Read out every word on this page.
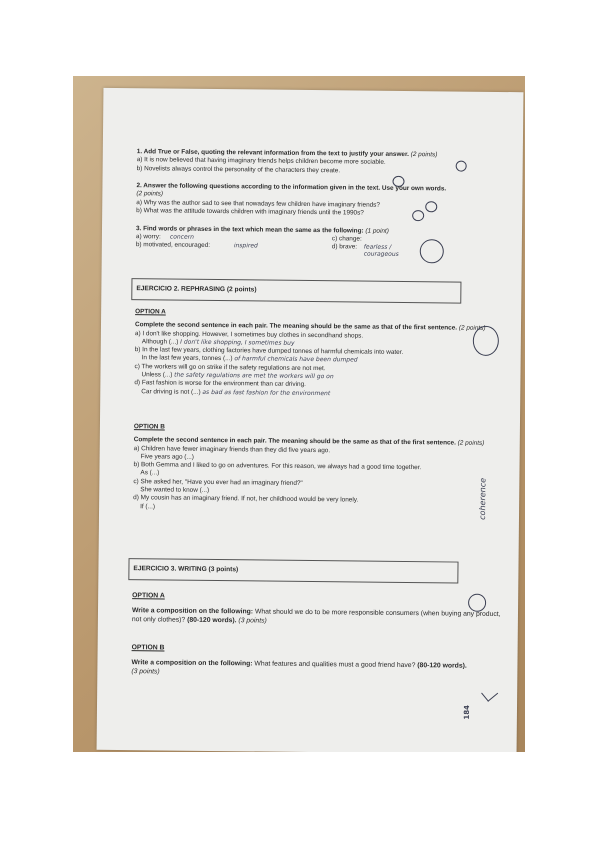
1. Add True or False, quoting the relevant information from the text to justify your answer. (2 points)
a) It is now believed that having imaginary friends helps children become more sociable.
b) Novelists always control the personality of the characters they create.
2. Answer the following questions according to the information given in the text. Use your own words.
(2 points)
a) Why was the author sad to see that nowadays few children have imaginary friends?
b) What was the attitude towards children with imaginary friends until the 1990s?
3. Find words or phrases in the text which mean the same as the following: (1 point)
a) worry: concern	c) change:
b) motivated, encouraged:	inspired	d) brave: fearless / courageous
EJERCICIO 2. REPHRASING (2 points)
OPTION A
Complete the second sentence in each pair. The meaning should be the same as that of the first sentence. (2 points)
a) I don't like shopping. However, I sometimes buy clothes in secondhand shops.
Although (...) I don't like shopping, I sometimes buy
b) In the last few years, clothing factories have dumped tonnes of harmful chemicals into water.
In the last few years, tonnes (...) of harmful chemicals have been dumped
c) The workers will go on strike if the safety regulations are not met.
Unless (...) the safety regulations are met the workers will go on
d) Fast fashion is worse for the environment than car driving.
Car driving is not (...) as bad as fast fashion for the environment
OPTION B
Complete the second sentence in each pair. The meaning should be the same as that of the first sentence. (2 points)
a) Children have fewer imaginary friends than they did five years ago.
Five years ago (...)
b) Both Gemma and I liked to go on adventures. For this reason, we always had a good time together.
As (...)
c) She asked her, "Have you ever had an imaginary friend?"
She wanted to know (...)
d) My cousin has an imaginary friend. If not, her childhood would be very lonely.
If (...)	coherence
EJERCICIO 3. WRITING (3 points)
OPTION A
Write a composition on the following: What should we do to be more responsible consumers (when buying any product, not only clothes)? (80-120 words). (3 points)
OPTION B
Write a composition on the following: What features and qualities must a good friend have? (80-120 words).
(3 points)
184
